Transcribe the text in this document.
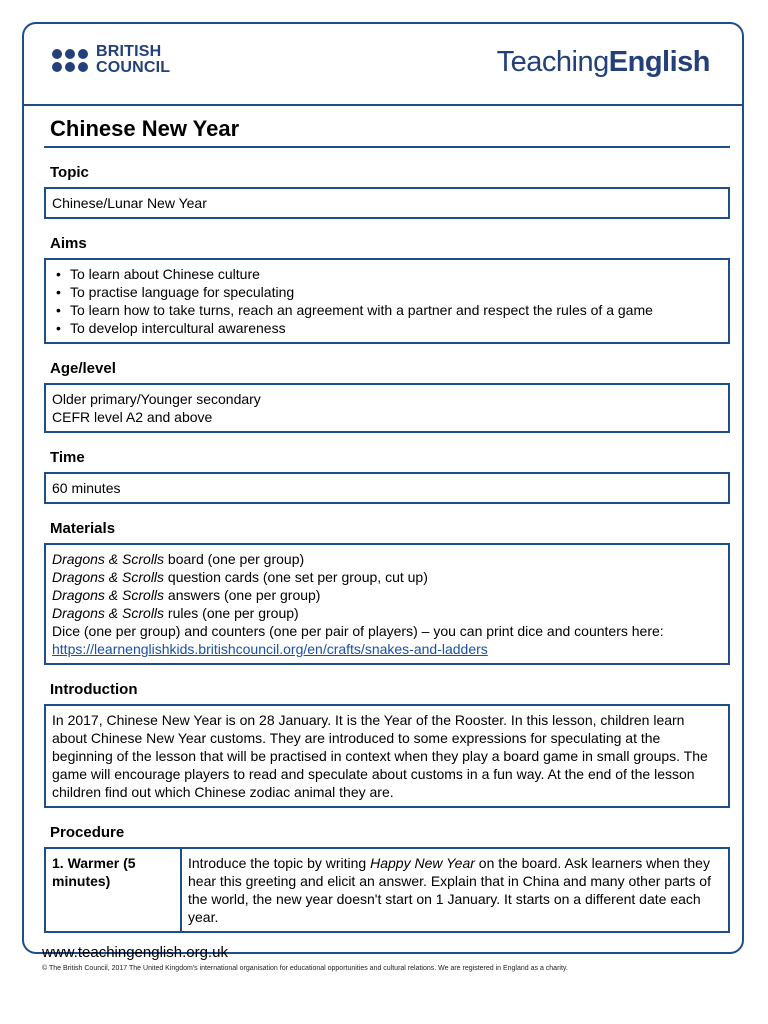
BRITISH
COUNCIL	TeachingEnglish
Chinese New Year
Topic
Chinese/Lunar New Year
Aims
• To learn about Chinese culture
• To practise language for speculating
• To learn how to take turns, reach an agreement with a partner and respect the rules of a game
• To develop intercultural awareness
Age/level
Older primary/Younger secondary
CEFR level A2 and above
Time
60 minutes
Materials
Dragons & Scrolls board (one per group)
Dragons & Scrolls question cards (one set per group, cut up)
Dragons & Scrolls answers (one per group)
Dragons & Scrolls rules (one per group)
Dice (one per group) and counters (one per pair of players) – you can print dice and counters here:
https://learnenglishkids.britishcouncil.org/en/crafts/snakes-and-ladders
Introduction
In 2017, Chinese New Year is on 28 January. It is the Year of the Rooster. In this lesson, children learn about Chinese New Year customs. They are introduced to some expressions for speculating at the beginning of the lesson that will be practised in context when they play a board game in small groups. The game will encourage players to read and speculate about customs in a fun way. At the end of the lesson children find out which Chinese zodiac animal they are.
Procedure
1. Warmer (5 minutes)	Introduce the topic by writing Happy New Year on the board. Ask learners when they hear this greeting and elicit an answer. Explain that in China and many other parts of the world, the new year doesn't start on 1 January. It starts on a different date each year.
www.teachingenglish.org.uk
© The British Council, 2017 The United Kingdom's international organisation for educational opportunities and cultural relations. We are registered in England as a charity.
